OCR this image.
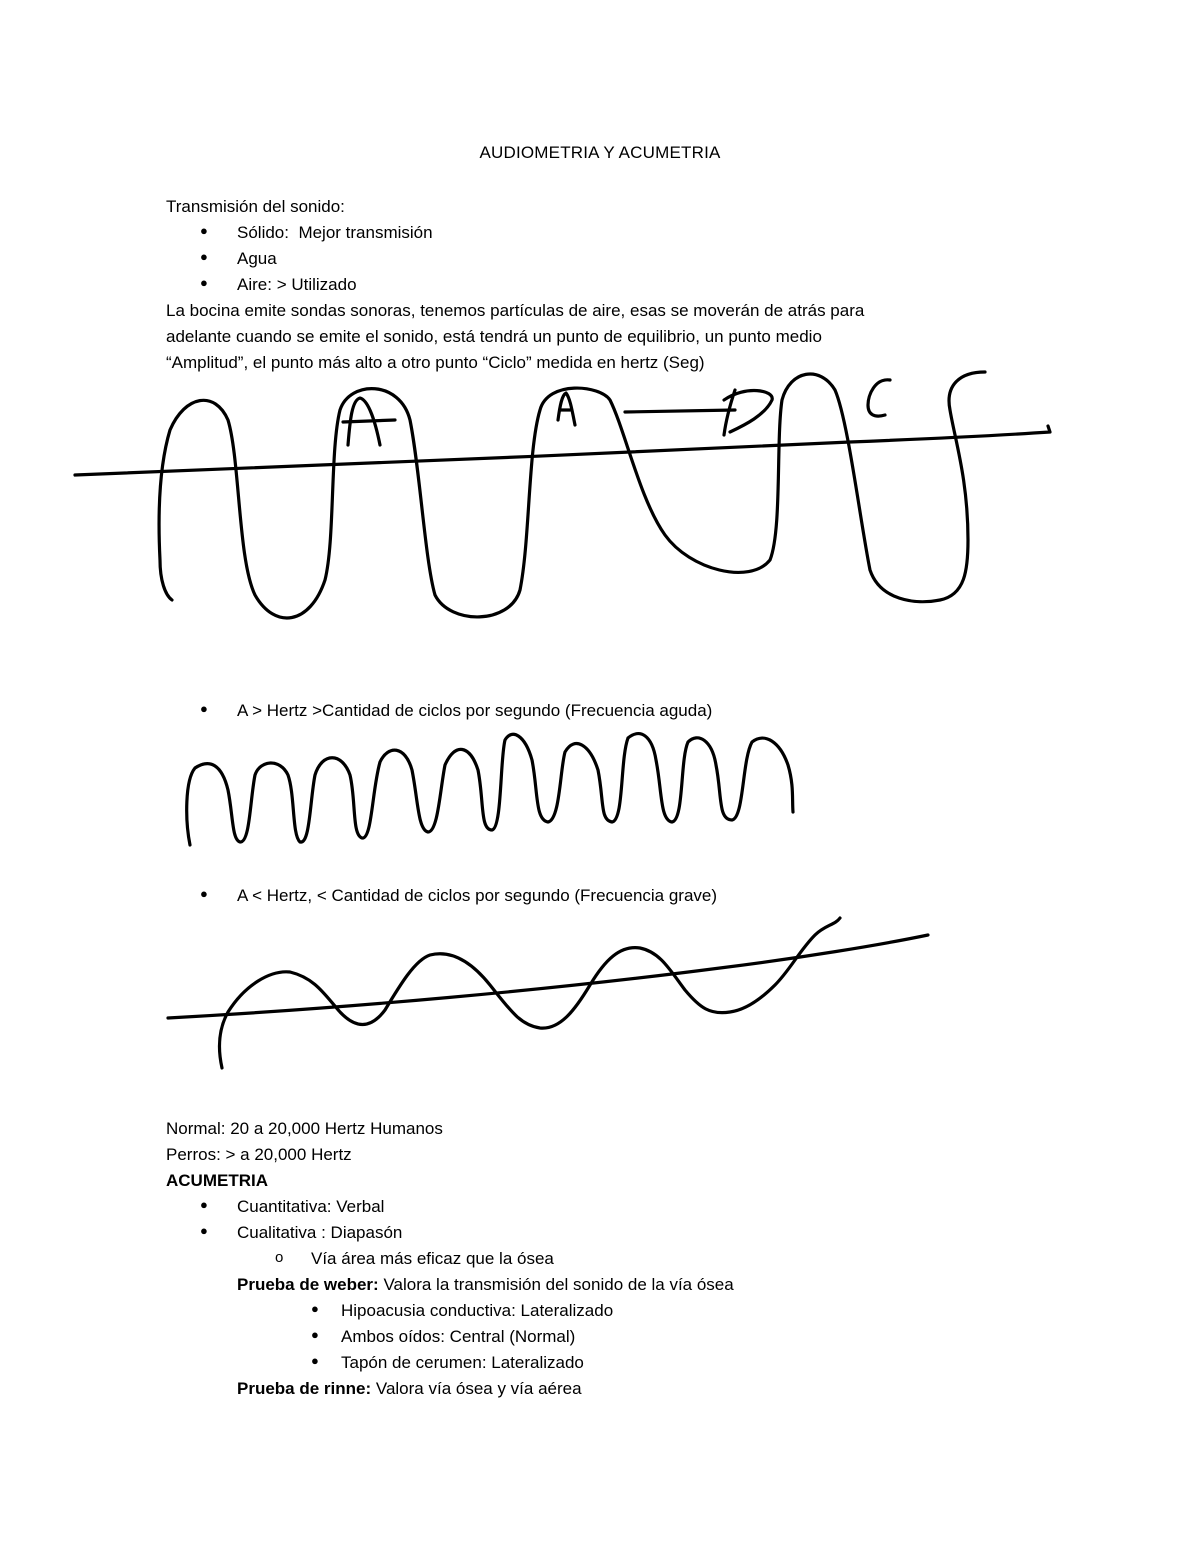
AUDIOMETRIA Y ACUMETRIA
Transmisión del sonido:
● Sólido: Mejor transmisión
● Agua
● Aire: > Utilizado
La bocina emite sondas sonoras, tenemos partículas de aire, esas se moverán de atrás para
adelante cuando se emite el sonido, está tendrá un punto de equilibrio, un punto medio
“Amplitud”, el punto más alto a otro punto “Ciclo” medida en hertz (Seg)
● A > Hertz >Cantidad de ciclos por segundo (Frecuencia aguda)
● A < Hertz, < Cantidad de ciclos por segundo (Frecuencia grave)
Normal: 20 a 20,000 Hertz Humanos
Perros: > a 20,000 Hertz
ACUMETRIA
● Cuantitativa: Verbal
● Cualitativa : Diapasón
o Vía área más eficaz que la ósea
Prueba de weber: Valora la transmisión del sonido de la vía ósea
● Hipoacusia conductiva: Lateralizado
● Ambos oídos: Central (Normal)
● Tapón de cerumen: Lateralizado
Prueba de rinne: Valora vía ósea y vía aérea
